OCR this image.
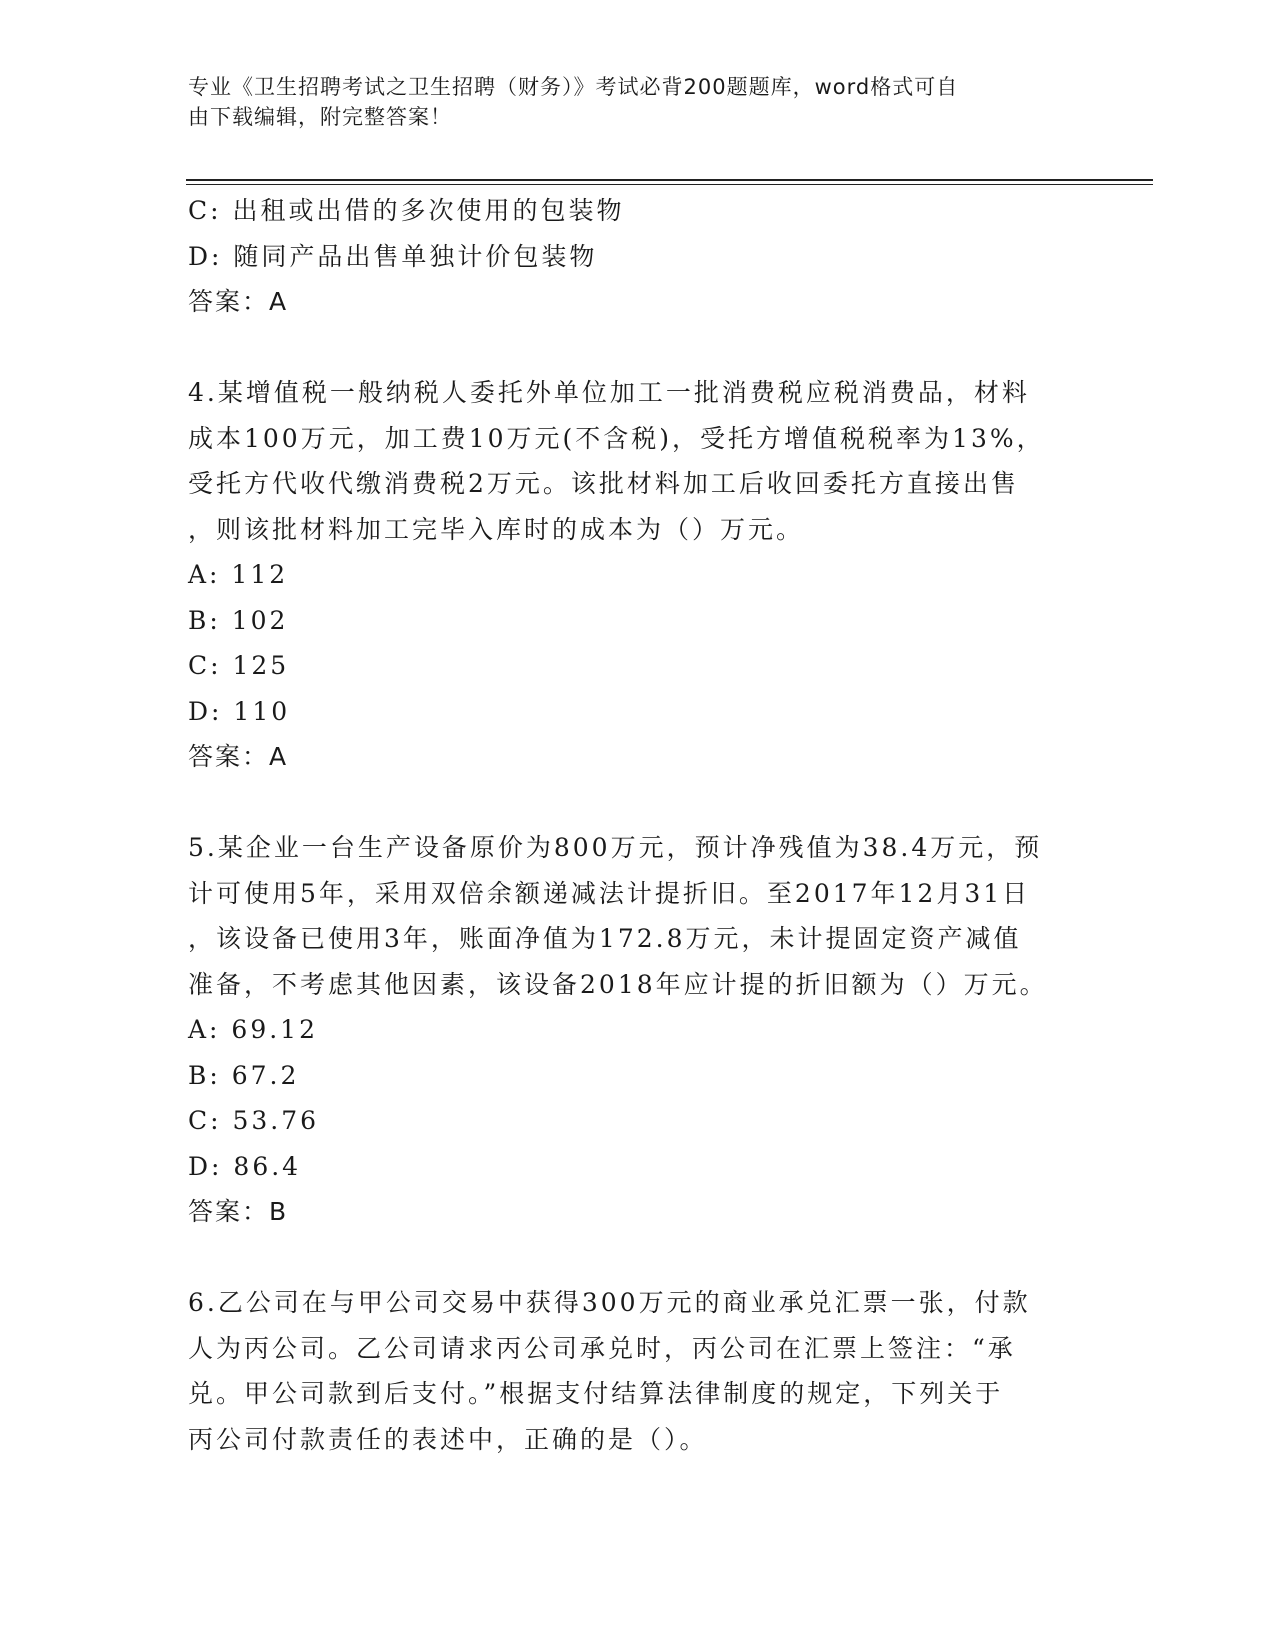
专业《卫生招聘考试之卫生招聘（财务）》考试必背200题题库，word格式可自
由下载编辑，附完整答案！
C: 出租或出借的多次使用的包装物
D: 随同产品出售单独计价包装物
答案：A
4.某增值税一般纳税人委托外单位加工一批消费税应税消费品，材料
成本100万元，加工费10万元(不含税)，受托方增值税税率为13%，
受托方代收代缴消费税2万元。该批材料加工后收回委托方直接出售
，则该批材料加工完毕入库时的成本为（）万元。
A: 112
B: 102
C: 125
D: 110
答案：A
5.某企业一台生产设备原价为800万元，预计净残值为38.4万元，预
计可使用5年，采用双倍余额递减法计提折旧。至2017年12月31日
，该设备已使用3年，账面净值为172.8万元，未计提固定资产减值
准备，不考虑其他因素，该设备2018年应计提的折旧额为（）万元。
A: 69.12
B: 67.2
C: 53.76
D: 86.4
答案：B
6.乙公司在与甲公司交易中获得300万元的商业承兑汇票一张，付款
人为丙公司。乙公司请求丙公司承兑时，丙公司在汇票上签注：“承
兑。甲公司款到后支付。”根据支付结算法律制度的规定，下列关于
丙公司付款责任的表述中，正确的是（）。
